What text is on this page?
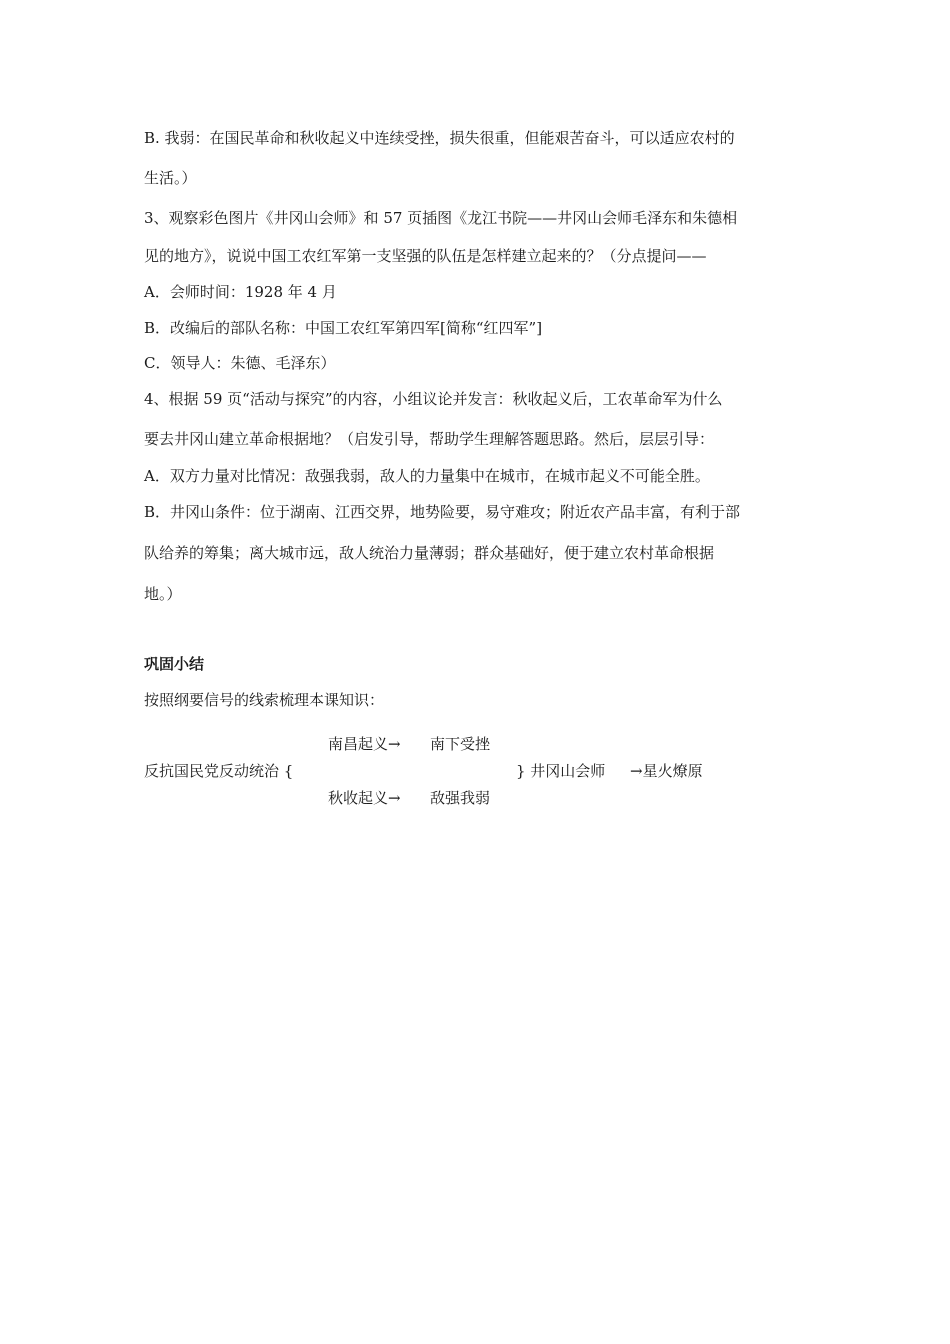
B. 我弱：在国民革命和秋收起义中连续受挫，损失很重，但能艰苦奋斗，可以适应农村的
生活。）
3、观察彩色图片《井冈山会师》和 57 页插图《龙江书院——井冈山会师毛泽东和朱德相
见的地方》，说说中国工农红军第一支坚强的队伍是怎样建立起来的？（分点提问——
A．会师时间：1928 年 4 月
B．改编后的部队名称：中国工农红军第四军[简称“红四军”]
C．领导人：朱德、毛泽东）
4、根据 59 页“活动与探究”的内容，小组议论并发言：秋收起义后，工农革命军为什么
要去井冈山建立革命根据地？（启发引导，帮助学生理解答题思路。然后，层层引导：
A．双方力量对比情况：敌强我弱，敌人的力量集中在城市，在城市起义不可能全胜。
B．井冈山条件：位于湖南、江西交界，地势险要，易守难攻；附近农产品丰富，有利于部
队给养的筹集；离大城市远，敌人统治力量薄弱；群众基础好，便于建立农村革命根据
地。）
巩固小结
按照纲要信号的线索梳理本课知识：
南昌起义→ 南下受挫
反抗国民党反动统治 {	} 井冈山会师 →星火燎原
秋收起义→ 敌强我弱
